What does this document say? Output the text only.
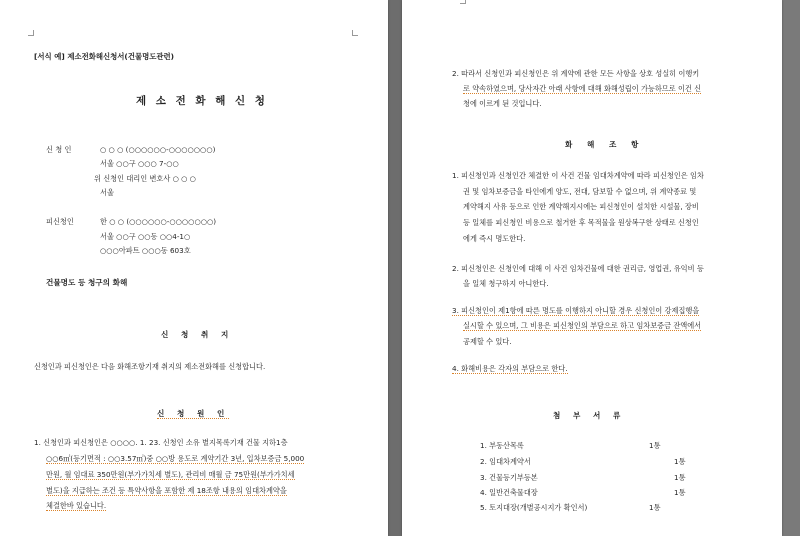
[서식 예] 제소전화해신청서(건물명도관련)
제 소 전 화 해 신 청
신 청 인	○ ○ ○ (○○○○○○-○○○○○○○)
서울 ○○구 ○○○ 7-○○
위 신청인 대리인 변호사 ○ ○ ○
서울
피신청인	한 ○ ○ (○○○○○○-○○○○○○○)
서울 ○○구 ○○동 ○○4-1○
○○○아파트 ○○○동 603호
건물명도 등 청구의 화해
신 청 취 지
신청인과 피신청인은 다음 화해조항기재 취지의 제소전화해를 신청합니다.
신 청 원 인
1. 신청인과 피신청인은 ○○○○. 1. 23. 신청인 소유 별지목록기재 건물 지하1층
○○6㎡(등기면적 : ○○3.57㎡)중 ○○방 용도로 계약기간 3년, 입차보증금 5,000
만원, 월 임대료 350만원(부가가치세 별도), 관리비 매월 금 75만원(부가가치세
별도)을 지급하는 조건 등 특약사항을 포함한 제 18조항 내용의 임대차계약을
체결한바 있습니다.
2. 따라서 신청인과 피신청인은 위 계약에 관한 모든 사항을 상호 성실히 이행키
로 약속하였으며, 당사자간 아래 사항에 대해 화해성립이 가능하므로 이건 신
청에 이르게 된 것입니다.
화 해 조 항
1. 피신청인과 신청인간 체결한 이 사건 건물 임대차계약에 따라 피신청인은 임차
권 및 임차보증금을 타인에게 양도, 전대, 담보할 수 없으며, 위 계약종료 및
계약해지 사유 등으로 인한 계약해지시에는 피신청인이 설치한 시설물, 장비
등 일체를 피신청인 비용으로 철거한 후 목적물을 원상복구한 상태로 신청인
에게 즉시 명도한다.
2. 피신청인은 신청인에 대해 이 사건 임차건물에 대한 권리금, 영업권, 유익비 등
을 일체 청구하지 아니한다.
3. 피신청인이 제1항에 따른 명도를 이행하지 아니할 경우 신청인이 강제집행을
실시할 수 있으며, 그 비용은 피신청인의 부담으로 하고 임차보증금 잔액에서
공제할 수 있다.
4. 화해비용은 각자의 부담으로 한다.
첨 부 서 류
1. 부동산목록	1통
2. 임대차계약서	1통
3. 건물등기부등본	1통
4. 일반건축물대장	1통
5. 토지대장(개별공시지가 확인서)	1통
